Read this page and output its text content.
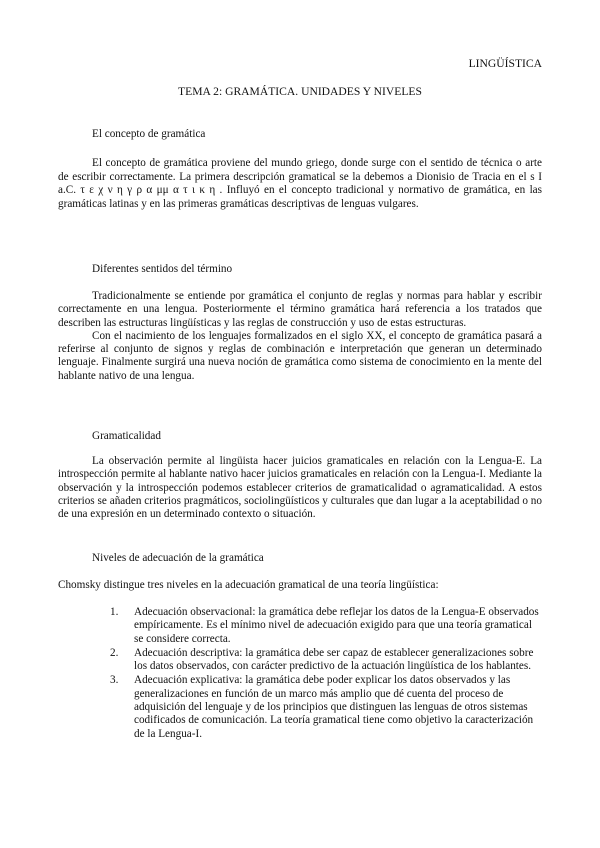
LINGÜÍSTICA
TEMA 2: GRAMÁTICA. UNIDADES Y NIVELES

El concepto de gramática

El concepto de gramática proviene del mundo griego, donde surge con el sentido de técnica o arte de escribir correctamente. La primera descripción gramatical se la debemos a Dionisio de Tracia en el s I a.C. τ ε χ ν η γ ρ α μμ α τ ι κ η . Influyó en el concepto tradicional y normativo de gramática, en las gramáticas latinas y en las primeras gramáticas descriptivas de lenguas vulgares.

Diferentes sentidos del término

Tradicionalmente se entiende por gramática el conjunto de reglas y normas para hablar y escribir correctamente en una lengua. Posteriormente el término gramática hará referencia a los tratados que describen las estructuras lingüísticas y las reglas de construcción y uso de estas estructuras.

Con el nacimiento de los lenguajes formalizados en el siglo XX, el concepto de gramática pasará a referirse al conjunto de signos y reglas de combinación e interpretación que generan un determinado lenguaje. Finalmente surgirá una nueva noción de gramática como sistema de conocimiento en la mente del hablante nativo de una lengua.

Gramaticalidad

La observación permite al lingüista hacer juicios gramaticales en relación con la Lengua-E. La introspección permite al hablante nativo hacer juicios gramaticales en relación con la Lengua-I. Mediante la observación y la introspección podemos establecer criterios de gramaticalidad o agramaticalidad. A estos criterios se añaden criterios pragmáticos, sociolingüísticos y culturales que dan lugar a la aceptabilidad o no de una expresión en un determinado contexto o situación.

Niveles de adecuación de la gramática

Chomsky distingue tres niveles en la adecuación gramatical de una teoría lingüística:

1. Adecuación observacional: la gramática debe reflejar los datos de la Lengua-E observados empíricamente. Es el mínimo nivel de adecuación exigido para que una teoría gramatical se considere correcta.
2. Adecuación descriptiva: la gramática debe ser capaz de establecer generalizaciones sobre los datos observados, con carácter predictivo de la actuación lingüística de los hablantes.
3. Adecuación explicativa: la gramática debe poder explicar los datos observados y las generalizaciones en función de un marco más amplio que dé cuenta del proceso de adquisición del lenguaje y de los principios que distinguen las lenguas de otros sistemas codificados de comunicación. La teoría gramatical tiene como objetivo la caracterización de la Lengua-I.
